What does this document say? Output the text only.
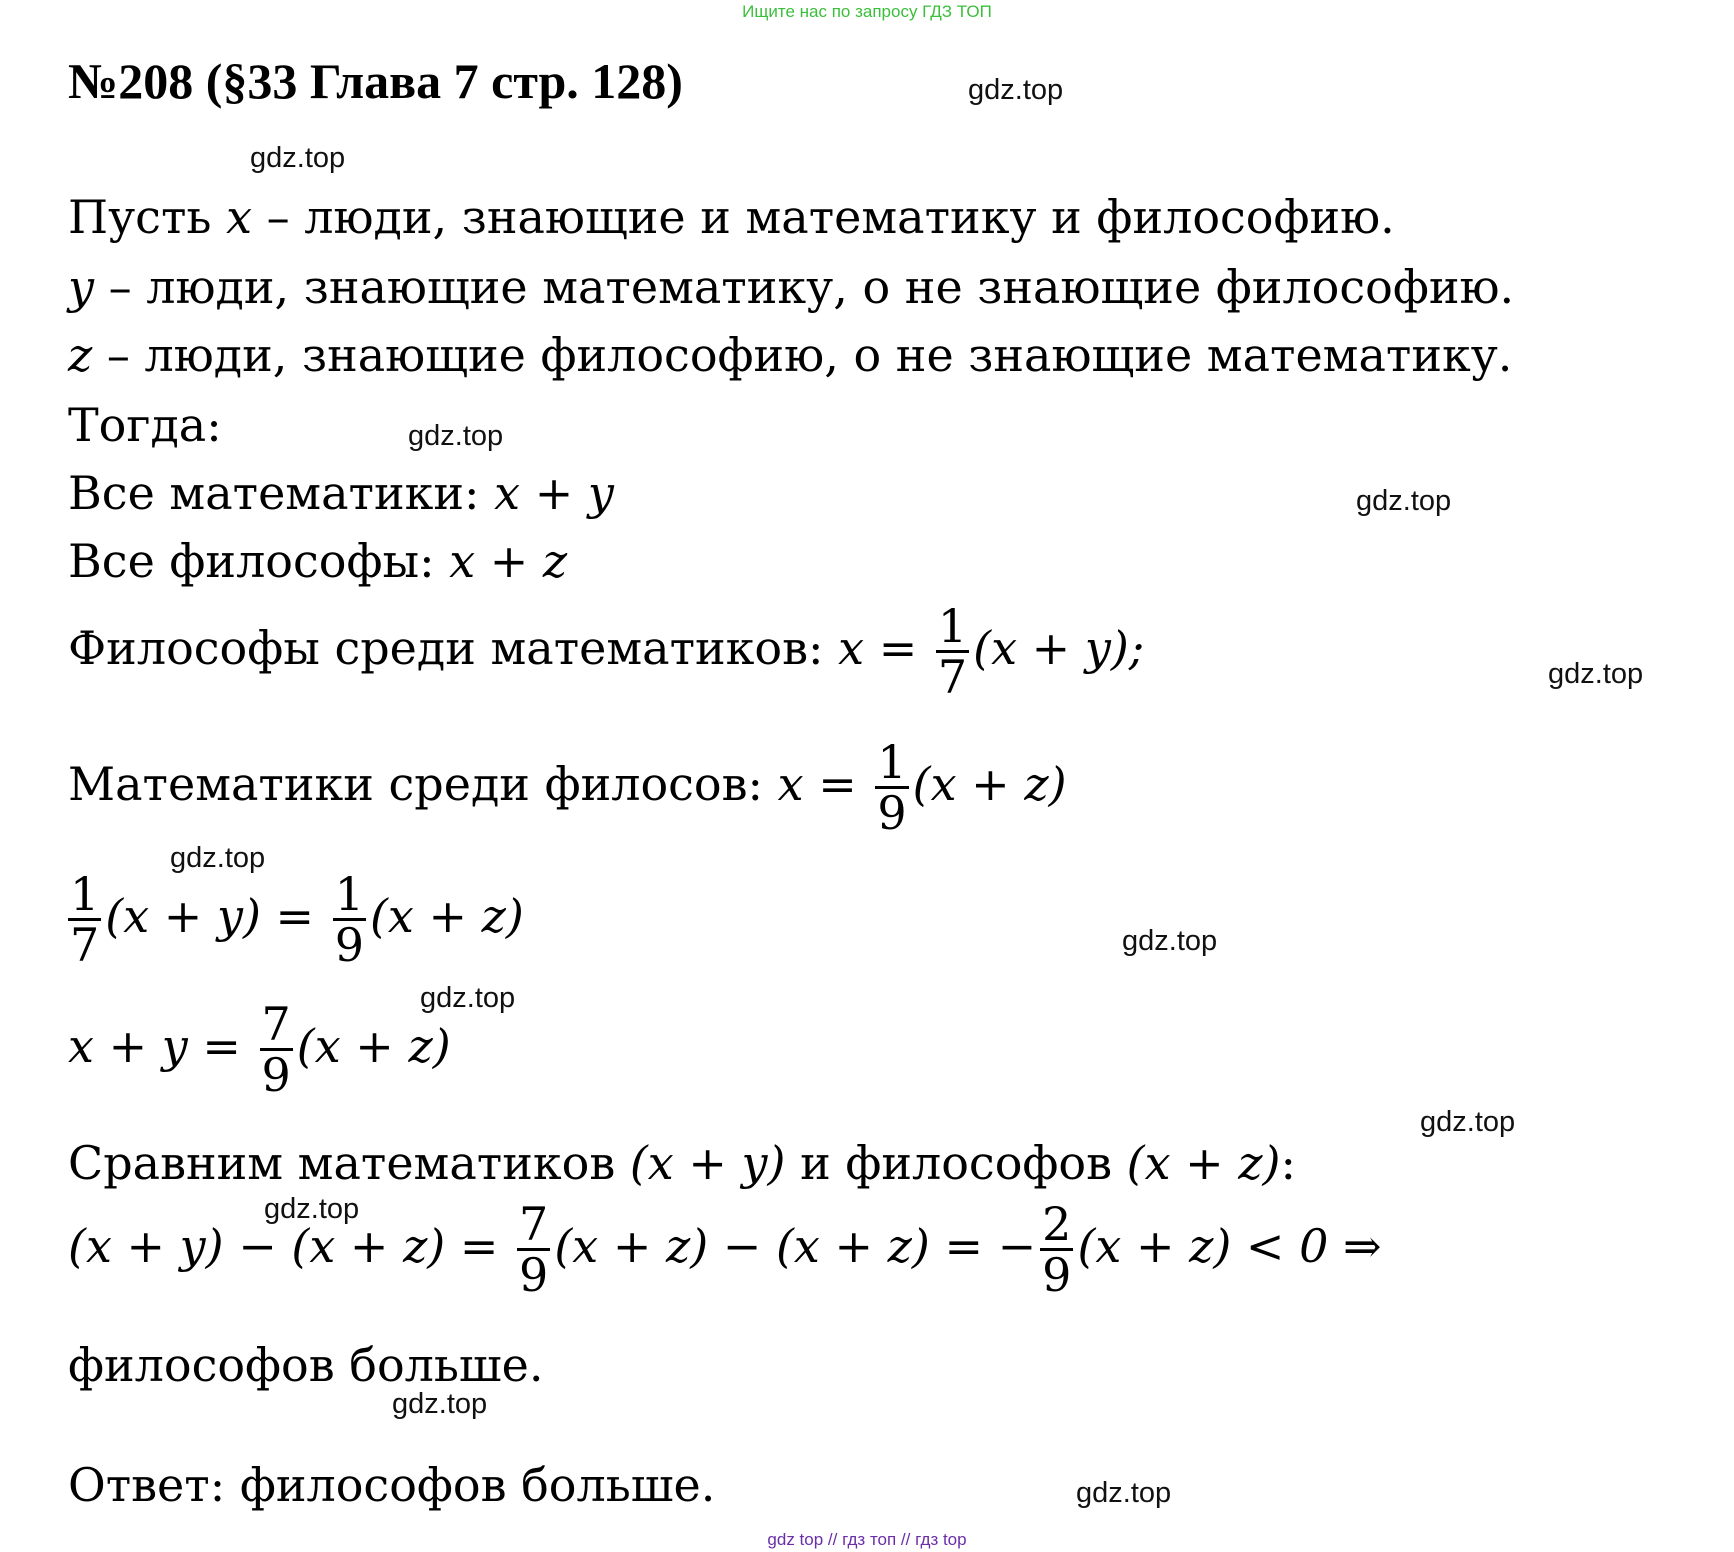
Ищите нас по запросу ГДЗ ТОП
№208 (§33 Глава 7 стр. 128)	gdz.top
gdz.top
gdz.top
gdz.top
gdz.top
gdz.top
gdz.top
gdz.top
gdz.top
gdz.top
gdz.top
gdz.top
Пусть x – люди, знающие и математику и философию.
y – люди, знающие математику, о не знающие философию.
z – люди, знающие философию, о не знающие математику.
Тогда:
Все математики: x + y
Все философы: x + z
Философы среди математиков: $x = \frac{1}{7} (x + y)$;
Математики среди филосов: $x = \frac{1}{9} (x + z)$
$\frac{1}{7} (x + y) = \frac{1}{9} (x + z)$
$x + y = \frac{7}{9} (x + z)$
Сравним математиков (x + y) и философов (x + z):
$(x + y) - (x + z) = \frac{7}{9} (x + z) - (x + z)$ = − $\frac{2}{9} (x + z) < 0$ ⇒
философов больше.
Ответ: философов больше.
gdz top // гдз топ // гдз top
